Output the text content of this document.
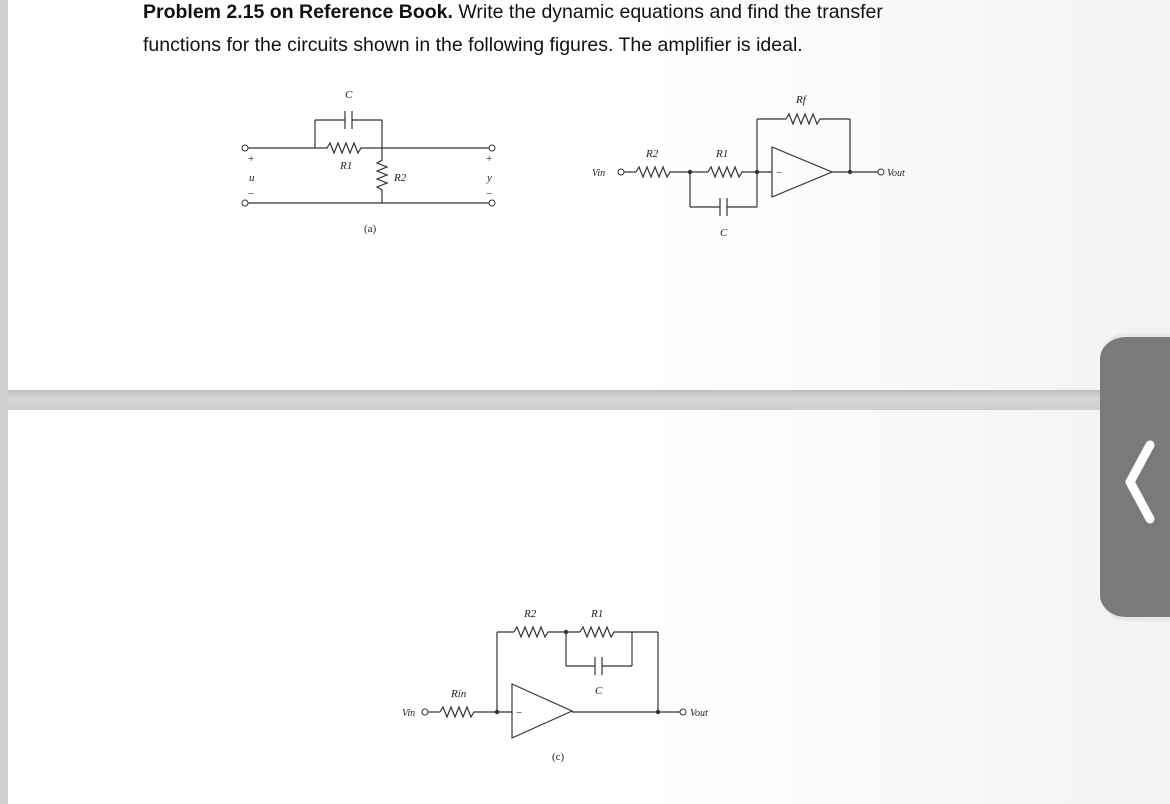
Problem 2.15 on Reference Book. Write the dynamic equations and find the transfer
functions for the circuits shown in the following figures. The amplifier is ideal.

C
R1
R2
+
u
−
+
y
−
(a)
Vin	Vout
Rf
R2	R1
C
−
Vin	Vout
Rin
R2	R1
C
−
(c)
